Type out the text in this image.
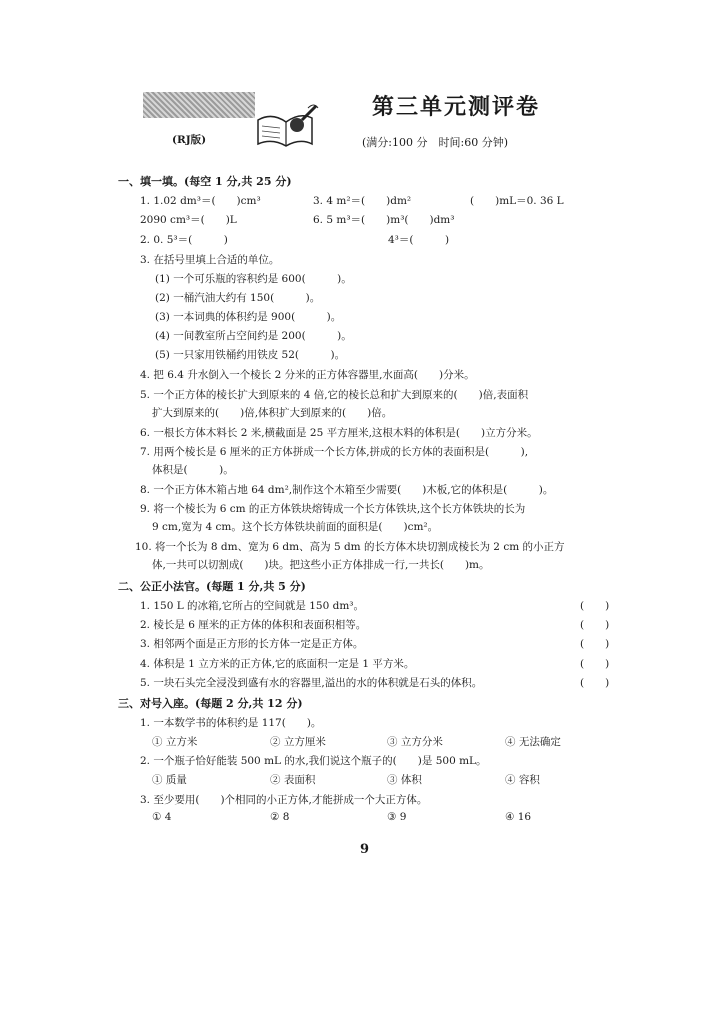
第三单元测评卷
(RJ版)	(满分:100 分　时间:60 分钟)
一、填一填。(每空 1 分,共 25 分)
1. 1.02 dm³＝(　　)cm³	3. 4 m²＝(　　)dm²	(　　)mL＝0. 36 L
2090 cm³＝(　　)L	6. 5 m³＝(　　)m³(　　)dm³
2. 0. 5³＝(　　　)	4³＝(　　　)
3. 在括号里填上合适的单位。
(1) 一个可乐瓶的容积约是 600(　　　)。
(2) 一桶汽油大约有 150(　　　)。
(3) 一本词典的体积约是 900(　　　)。
(4) 一间教室所占空间约是 200(　　　)。
(5) 一只家用铁桶约用铁皮 52(　　　)。
4. 把 6.4 升水倒入一个棱长 2 分米的正方体容器里,水面高(　　)分米。
5. 一个正方体的棱长扩大到原来的 4 倍,它的棱长总和扩大到原来的(　　)倍,表面积
扩大到原来的(　　)倍,体积扩大到原来的(　　)倍。
6. 一根长方体木料长 2 米,横截面是 25 平方厘米,这根木料的体积是(　　)立方分米。
7. 用两个棱长是 6 厘米的正方体拼成一个长方体,拼成的长方体的表面积是(　　　),
体积是(　　　)。
8. 一个正方体木箱占地 64 dm²,制作这个木箱至少需要(　　)木板,它的体积是(　　　)。
9. 将一个棱长为 6 cm 的正方体铁块熔铸成一个长方体铁块,这个长方体铁块的长为
9 cm,宽为 4 cm。这个长方体铁块前面的面积是(　　)cm²。
10. 将一个长为 8 dm、宽为 6 dm、高为 5 dm 的长方体木块切割成棱长为 2 cm 的小正方
体,一共可以切割成(　　)块。把这些小正方体排成一行,一共长(　　)m。
二、公正小法官。(每题 1 分,共 5 分)
1. 150 L 的冰箱,它所占的空间就是 150 dm³。	(　　)
2. 棱长是 6 厘米的正方体的体积和表面积相等。	(　　)
3. 相邻两个面是正方形的长方体一定是正方体。	(　　)
4. 体积是 1 立方米的正方体,它的底面积一定是 1 平方米。	(　　)
5. 一块石头完全浸没到盛有水的容器里,溢出的水的体积就是石头的体积。	(　　)
三、对号入座。(每题 2 分,共 12 分)
1. 一本数学书的体积约是 117(　　)。
① 立方米	② 立方厘米	③ 立方分米	④ 无法确定
2. 一个瓶子恰好能装 500 mL 的水,我们说这个瓶子的(　　)是 500 mL。
① 质量	② 表面积	③ 体积	④ 容积
3. 至少要用(　　)个相同的小正方体,才能拼成一个大正方体。
① 4	② 8	③ 9	④ 16
9
